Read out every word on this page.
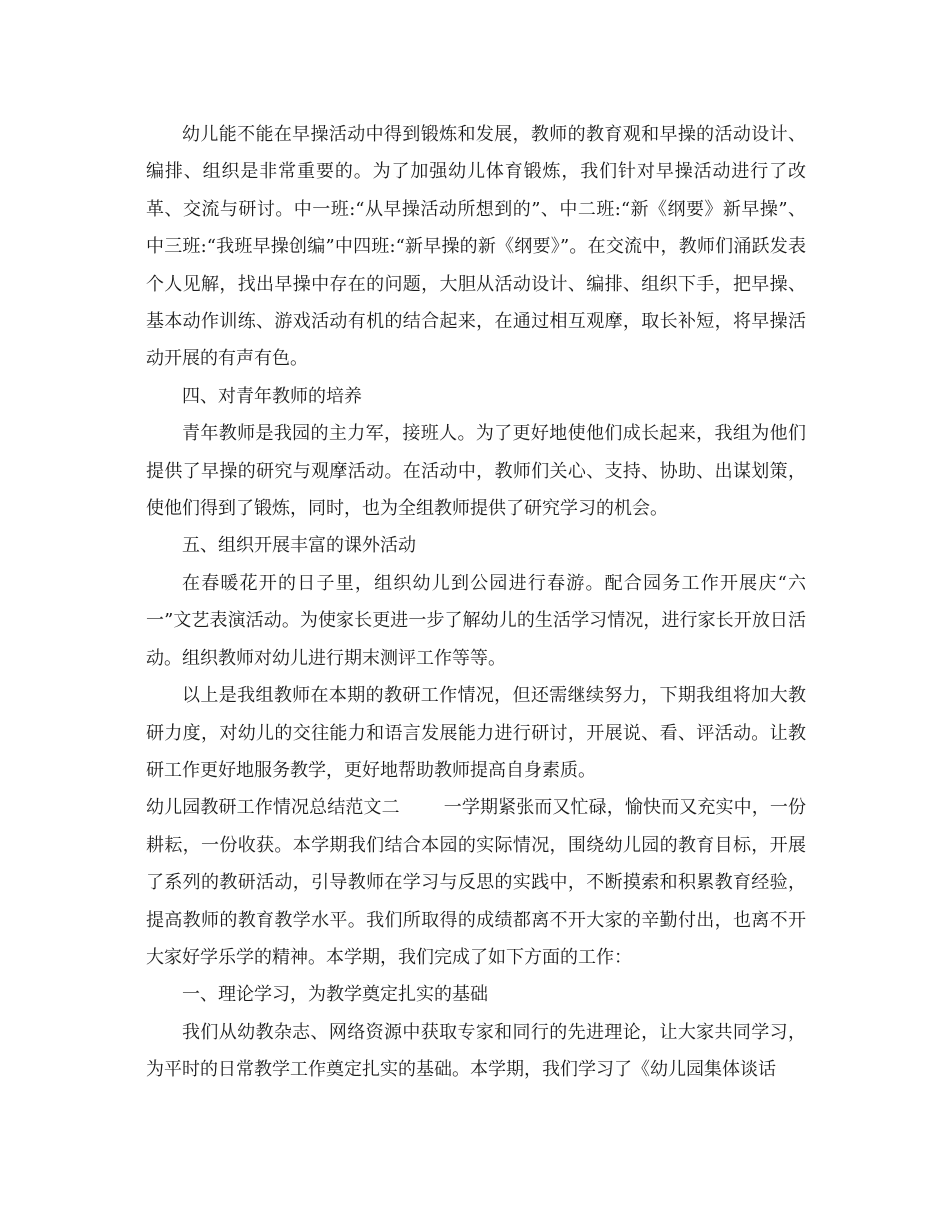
幼儿能不能在早操活动中得到锻炼和发展，教师的教育观和早操的活动设计、编排、组织是非常重要的。为了加强幼儿体育锻炼，我们针对早操活动进行了改革、交流与研讨。中一班:“从早操活动所想到的”、中二班:“新《纲要》新早操”、中三班:“我班早操创编”中四班:“新早操的新《纲要》”。在交流中，教师们涌跃发表个人见解，找出早操中存在的问题，大胆从活动设计、编排、组织下手，把早操、基本动作训练、游戏活动有机的结合起来，在通过相互观摩，取长补短，将早操活动开展的有声有色。

四、对青年教师的培养

青年教师是我园的主力军，接班人。为了更好地使他们成长起来，我组为他们提供了早操的研究与观摩活动。在活动中，教师们关心、支持、协助、出谋划策，使他们得到了锻炼，同时，也为全组教师提供了研究学习的机会。

五、组织开展丰富的课外活动

在春暖花开的日子里，组织幼儿到公园进行春游。配合园务工作开展庆“六一”文艺表演活动。为使家长更进一步了解幼儿的生活学习情况，进行家长开放日活动。组织教师对幼儿进行期末测评工作等等。

以上是我组教师在本期的教研工作情况，但还需继续努力，下期我组将加大教研力度，对幼儿的交往能力和语言发展能力进行研讨，开展说、看、评活动。让教研工作更好地服务教学，更好地帮助教师提高自身素质。

幼儿园教研工作情况总结范文二 一学期紧张而又忙碌，愉快而又充实中，一份耕耘，一份收获。本学期我们结合本园的实际情况，围绕幼儿园的教育目标，开展了系列的教研活动，引导教师在学习与反思的实践中，不断摸索和积累教育经验，提高教师的教育教学水平。我们所取得的成绩都离不开大家的辛勤付出，也离不开大家好学乐学的精神。本学期，我们完成了如下方面的工作：

一、理论学习，为教学奠定扎实的基础

我们从幼教杂志、网络资源中获取专家和同行的先进理论，让大家共同学习，为平时的日常教学工作奠定扎实的基础。本学期，我们学习了《幼儿园集体谈话
